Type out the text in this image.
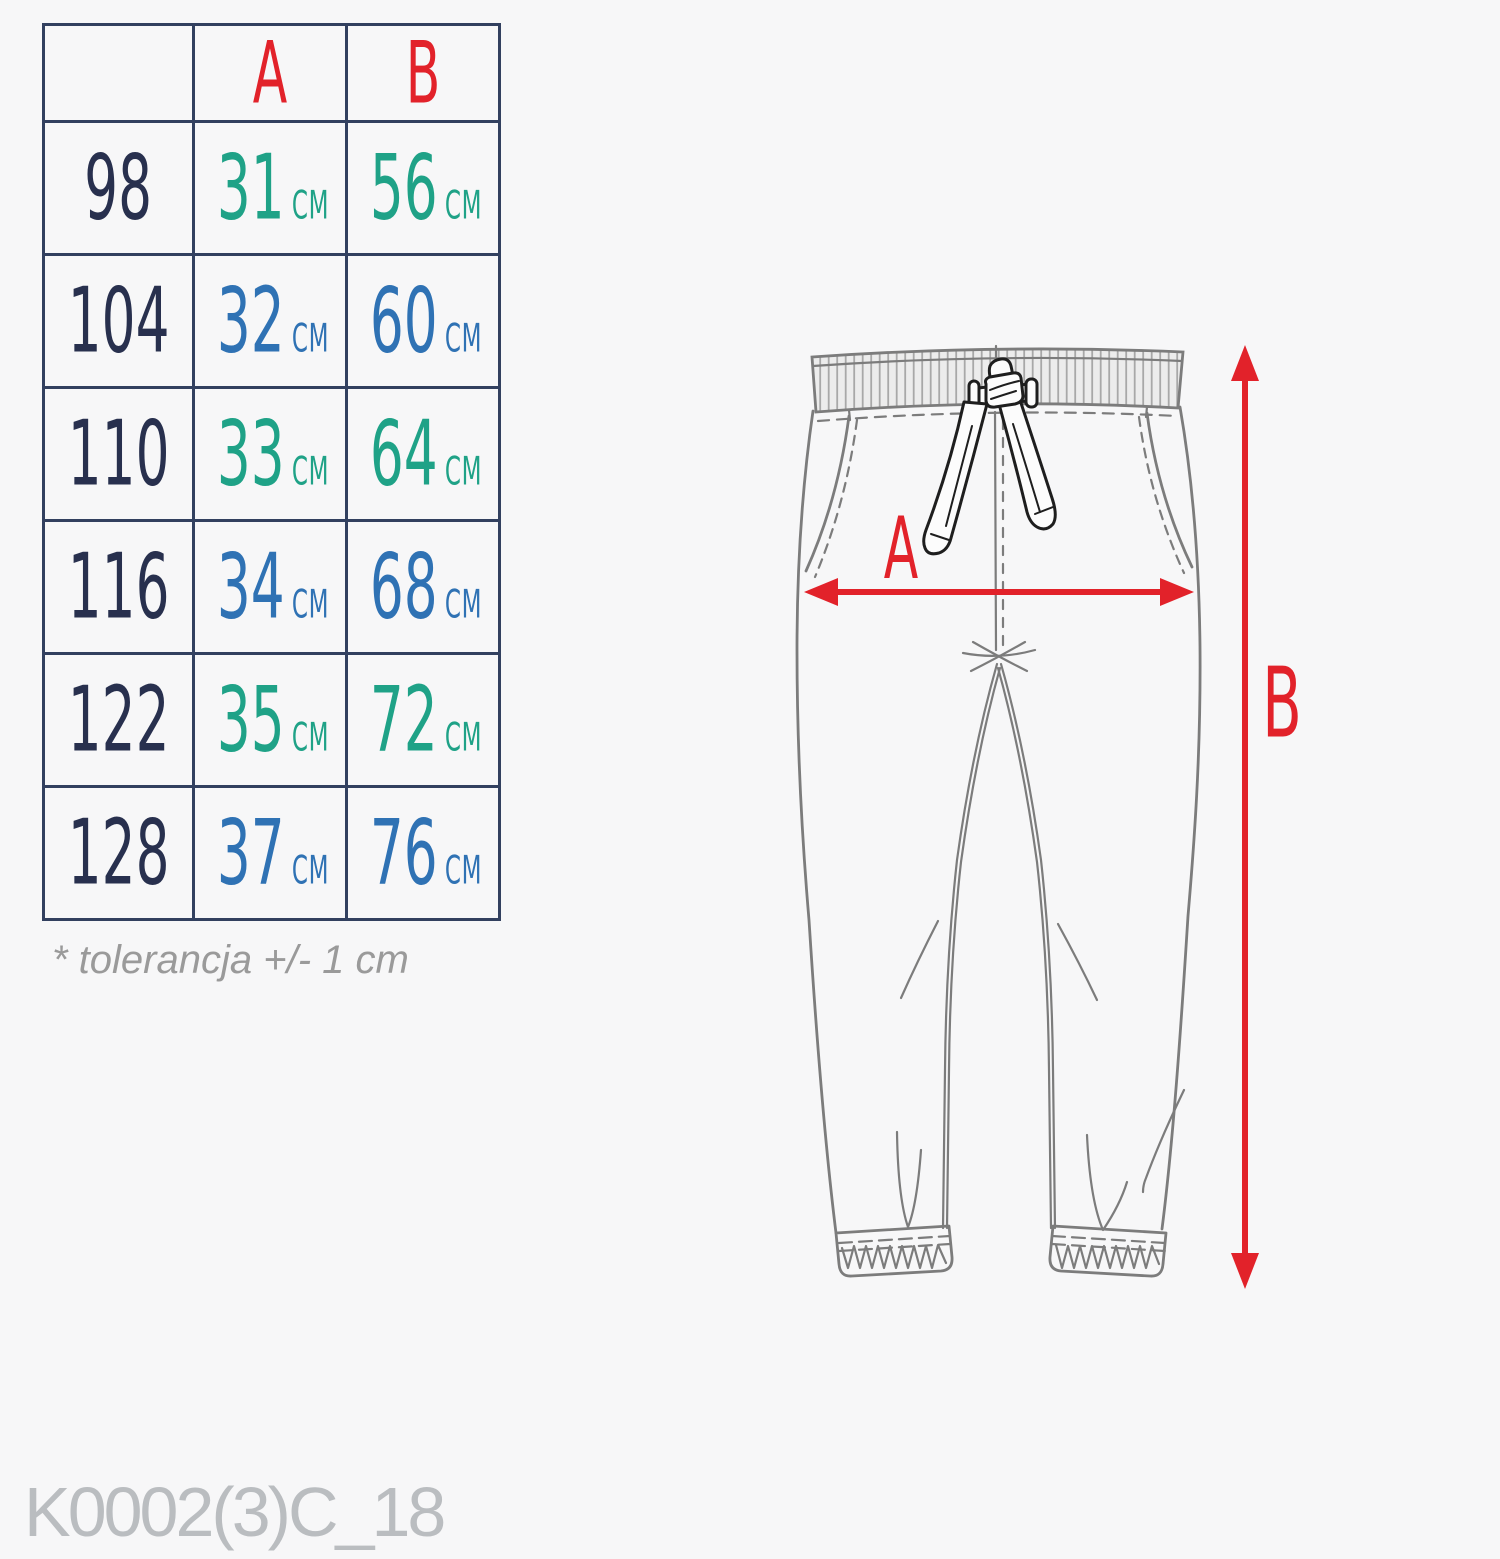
	A	B
98	31 CM	56 CM
104	32 CM	60 CM
110	33 CM	64 CM
116	34 CM	68 CM
122	35 CM	72 CM
128	37 CM	76 CM
* tolerancja +/- 1 cm
K0002(3)C_18
A
B
